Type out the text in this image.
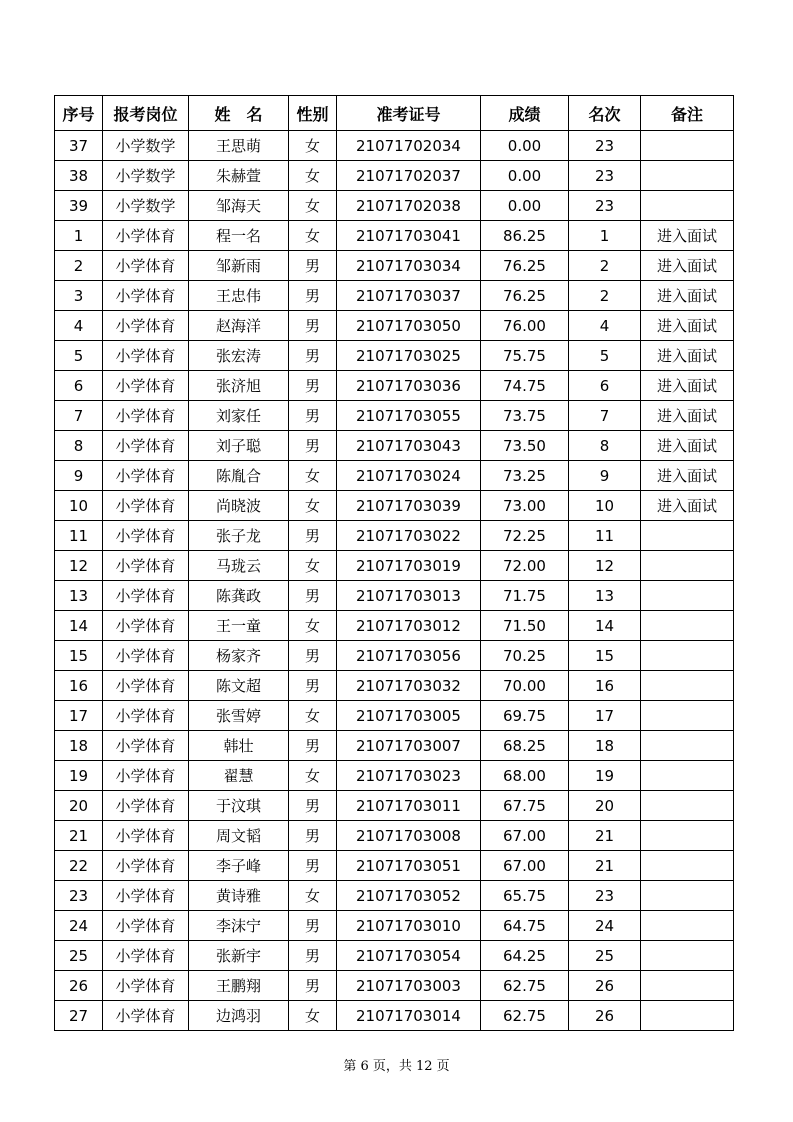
序号	报考岗位	姓　名	性别	准考证号	成绩	名次	备注
37	小学数学	王思萌	女	21071702034	0.00	23	
38	小学数学	朱赫萱	女	21071702037	0.00	23	
39	小学数学	邹海天	女	21071702038	0.00	23	
1	小学体育	程一名	女	21071703041	86.25	1	进入面试
2	小学体育	邹新雨	男	21071703034	76.25	2	进入面试
3	小学体育	王忠伟	男	21071703037	76.25	2	进入面试
4	小学体育	赵海洋	男	21071703050	76.00	4	进入面试
5	小学体育	张宏涛	男	21071703025	75.75	5	进入面试
6	小学体育	张济旭	男	21071703036	74.75	6	进入面试
7	小学体育	刘家任	男	21071703055	73.75	7	进入面试
8	小学体育	刘子聪	男	21071703043	73.50	8	进入面试
9	小学体育	陈胤合	女	21071703024	73.25	9	进入面试
10	小学体育	尚晓波	女	21071703039	73.00	10	进入面试
11	小学体育	张子龙	男	21071703022	72.25	11	
12	小学体育	马珑云	女	21071703019	72.00	12	
13	小学体育	陈龚政	男	21071703013	71.75	13	
14	小学体育	王一童	女	21071703012	71.50	14	
15	小学体育	杨家齐	男	21071703056	70.25	15	
16	小学体育	陈文超	男	21071703032	70.00	16	
17	小学体育	张雪婷	女	21071703005	69.75	17	
18	小学体育	韩壮	男	21071703007	68.25	18	
19	小学体育	翟慧	女	21071703023	68.00	19	
20	小学体育	于汶琪	男	21071703011	67.75	20	
21	小学体育	周文韬	男	21071703008	67.00	21	
22	小学体育	李子峰	男	21071703051	67.00	21	
23	小学体育	黄诗雅	女	21071703052	65.75	23	
24	小学体育	李沫宁	男	21071703010	64.75	24	
25	小学体育	张新宇	男	21071703054	64.25	25	
26	小学体育	王鹏翔	男	21071703003	62.75	26	
27	小学体育	边鸿羽	女	21071703014	62.75	26	
第 6 页，共 12 页
